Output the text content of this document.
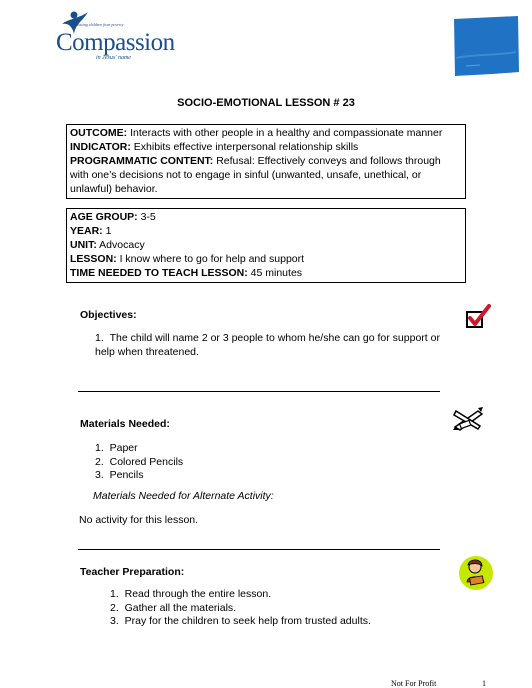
Releasing children from poverty
Compassion
in Jesus' name
SOCIO-EMOTIONAL LESSON # 23

OUTCOME: Interacts with other people in a healthy and compassionate manner

INDICATOR: Exhibits effective interpersonal relationship skills

PROGRAMMATIC CONTENT: Refusal: Effectively conveys and follows through with one’s decisions not to engage in sinful (unwanted, unsafe, unethical, or unlawful) behavior.

AGE GROUP: 3-5

YEAR: 1

UNIT: Advocacy

LESSON: I know where to go for help and support

TIME NEEDED TO TEACH LESSON: 45 minutes

Objectives:
1. The child will name 2 or 3 people to whom he/she can go for support or help when threatened.
Materials Needed:
1. Paper
2. Colored Pencils
3. Pencils
Materials Needed for Alternate Activity:
No activity for this lesson.
Teacher Preparation:
1. Read through the entire lesson.
2. Gather all the materials.
3. Pray for the children to seek help from trusted adults.
Not For Profit	1
